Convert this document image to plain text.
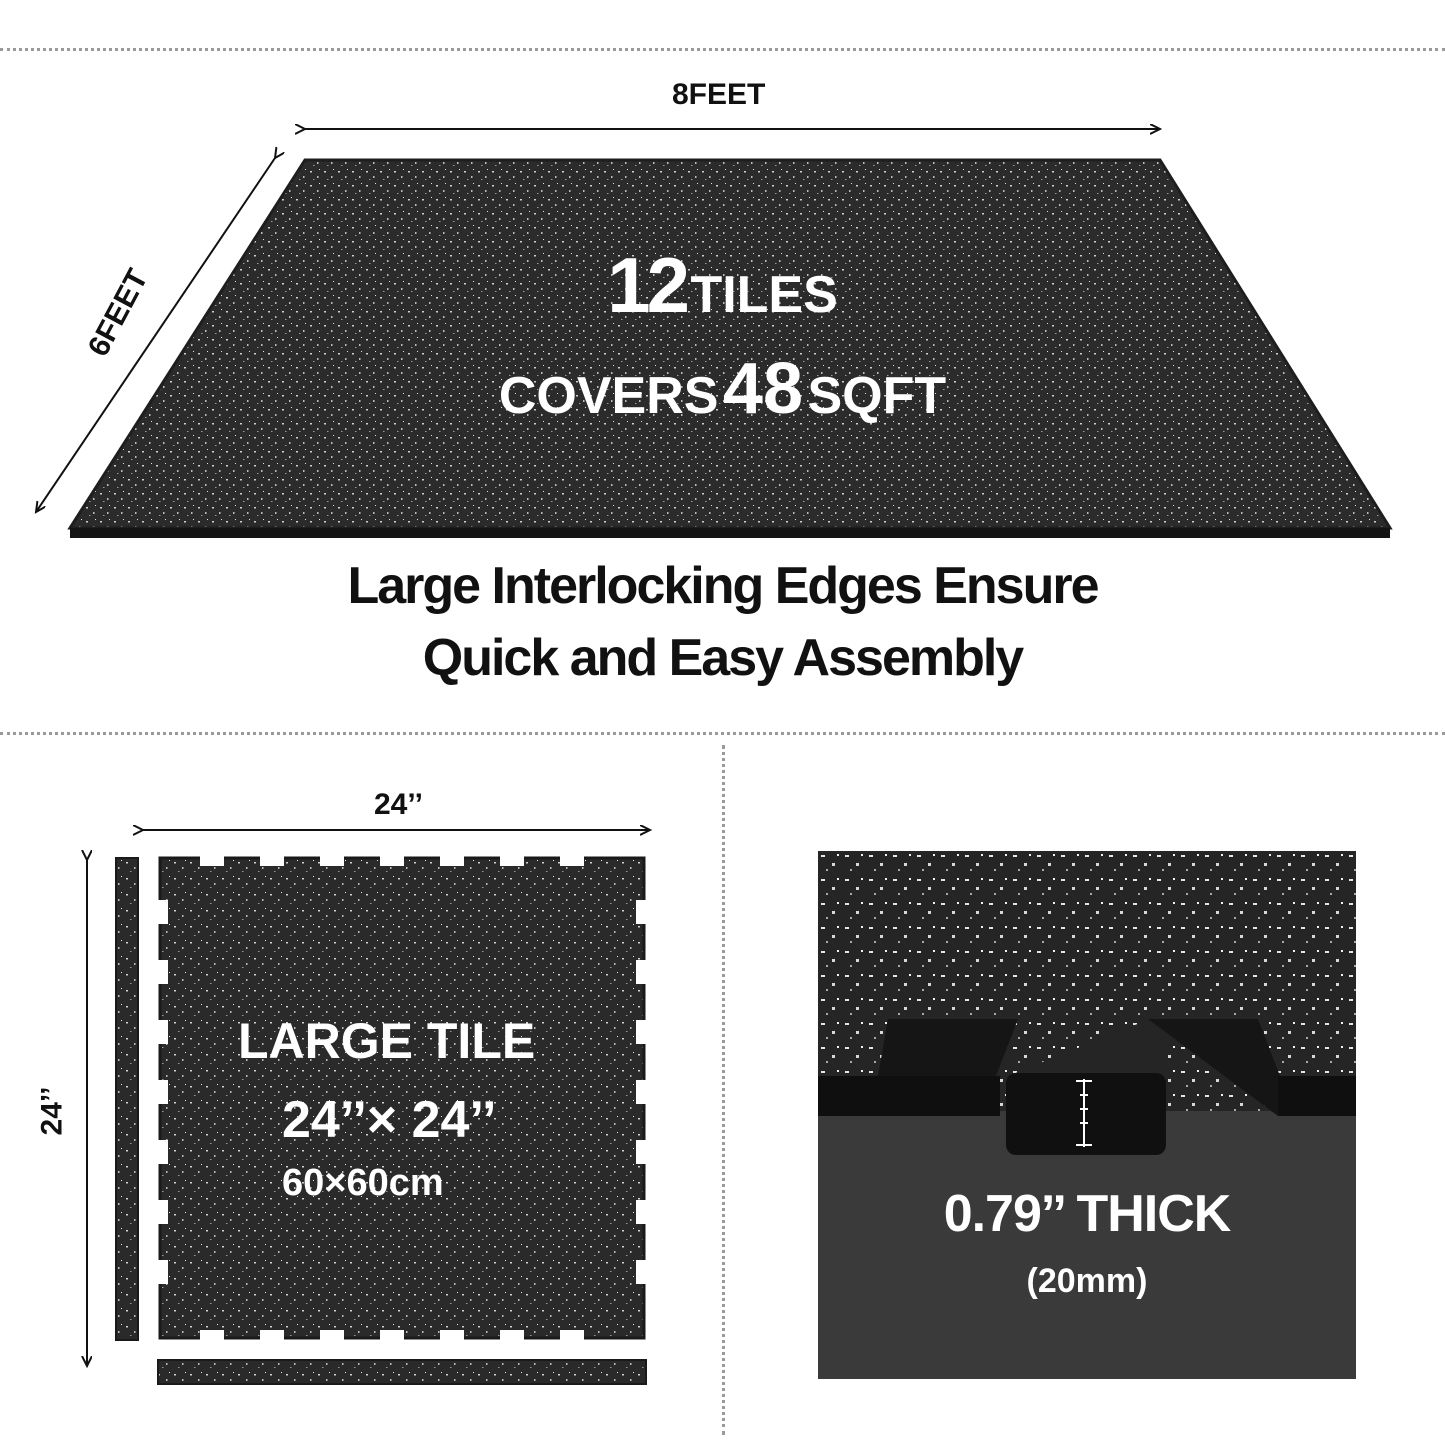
8FEET
6FEET	12 TILES
COVERS 48 SQFT
Large Interlocking Edges Ensure
Quick and Easy Assembly
24’’
24’’
LARGE TILE
24’’× 24’’
60×60cm
0.79’’ THICK
(20mm)
